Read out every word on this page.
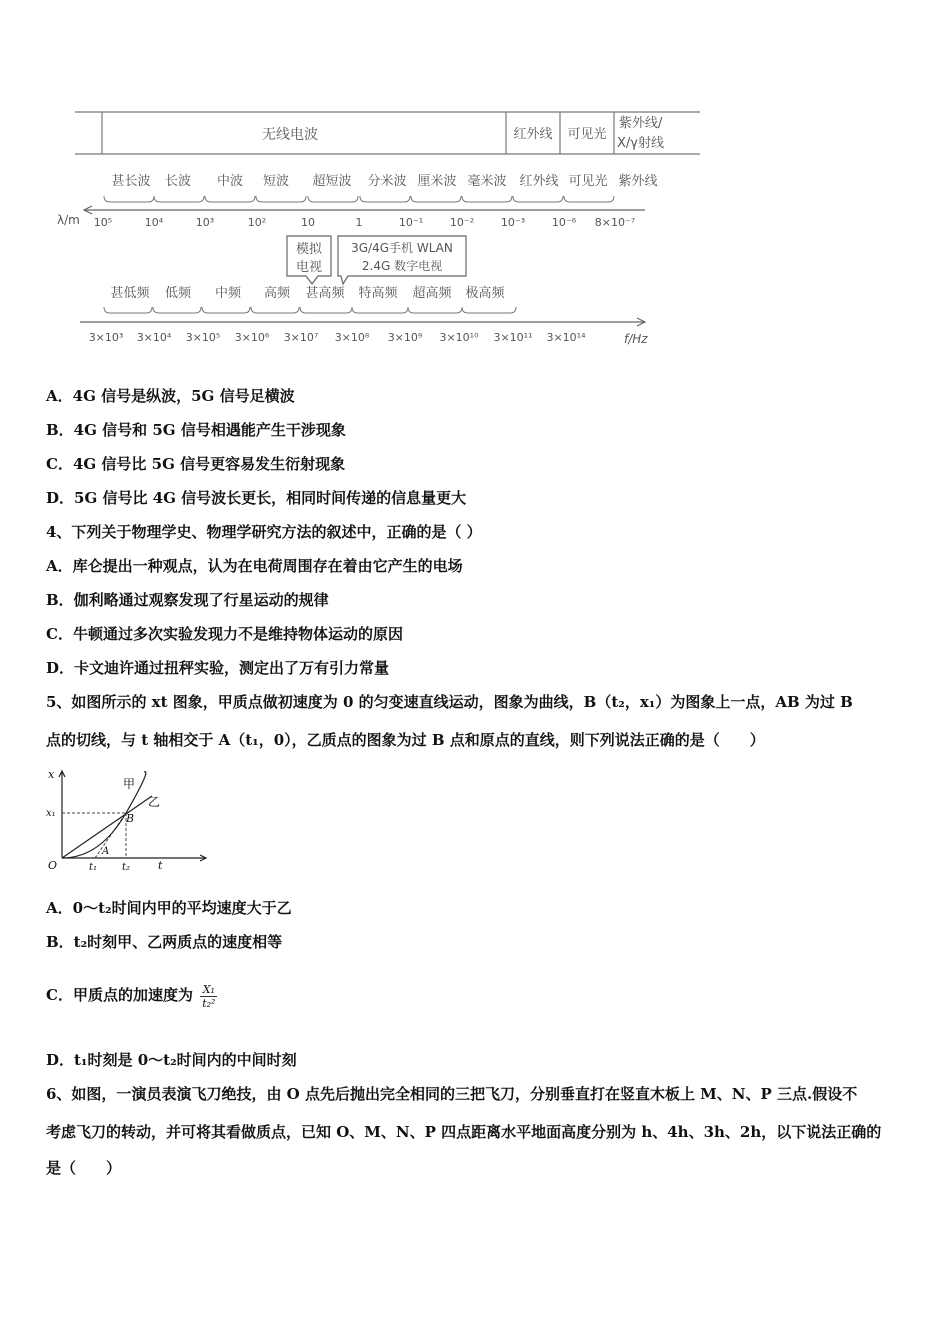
无线电波	红外线 可见光
紫外线/
X/γ射线
甚长波 长波 中波 短波 超短波 分米波 厘米波 毫米波 红外线 可见光 紫外线
λ/m 10⁵	10⁴	10³	10²	10	1	10⁻¹ 10⁻² 10⁻³ 10⁻⁶ 8×10⁻⁷
模拟
电视
3G/4G手机 WLAN
2.4G 数字电视
甚低频 低频 中频 高频 甚高频 特高频 超高频 极高频
3×10³ 3×10⁴ 3×10⁵ 3×10⁶ 3×10⁷ 3×10⁸ 3×10⁹ 3×10¹⁰ 3×10¹¹ 3×10¹⁴	f/Hz
A．4G 信号是纵波，5G 信号足横波
B．4G 信号和 5G 信号相遇能产生干涉现象
C．4G 信号比 5G 信号更容易发生衍射现象
D．5G 信号比 4G 信号波长更长，相同时间传递的信息量更大
4、下列关于物理学史、物理学研究方法的叙述中，正确的是（ ）
A．库仑提出一种观点，认为在电荷周围存在着由它产生的电场
B．伽利略通过观察发现了行星运动的规律
C．牛顿通过多次实验发现力不是维持物体运动的原因
D．卡文迪许通过扭秤实验，测定出了万有引力常量
5、如图所示的 xt 图象，甲质点做初速度为 0 的匀变速直线运动，图象为曲线，B（t₂，x₁）为图象上一点，AB 为过 B
点的切线，与 t 轴相交于 A（t₁，0），乙质点的图象为过 B 点和原点的直线，则下列说法正确的是（　　）
x
t
O
x₁
t₁ t₂
甲
乙
B
A
A．0～t₂时间内甲的平均速度大于乙
B．t₂时刻甲、乙两质点的速度相等
C．甲质点的加速度为 $\frac{\text{X₁}}{\text{t₂²}}$
D．t₁时刻是 0～t₂时间内的中间时刻
6、如图，一演员表演飞刀绝技，由 O 点先后抛出完全相同的三把飞刀，分别垂直打在竖直木板上 M、N、P 三点.假设不
考虑飞刀的转动，并可将其看做质点，已知 O、M、N、P 四点距离水平地面高度分别为 h、4h、3h、2h，以下说法正确的
是（　　）
